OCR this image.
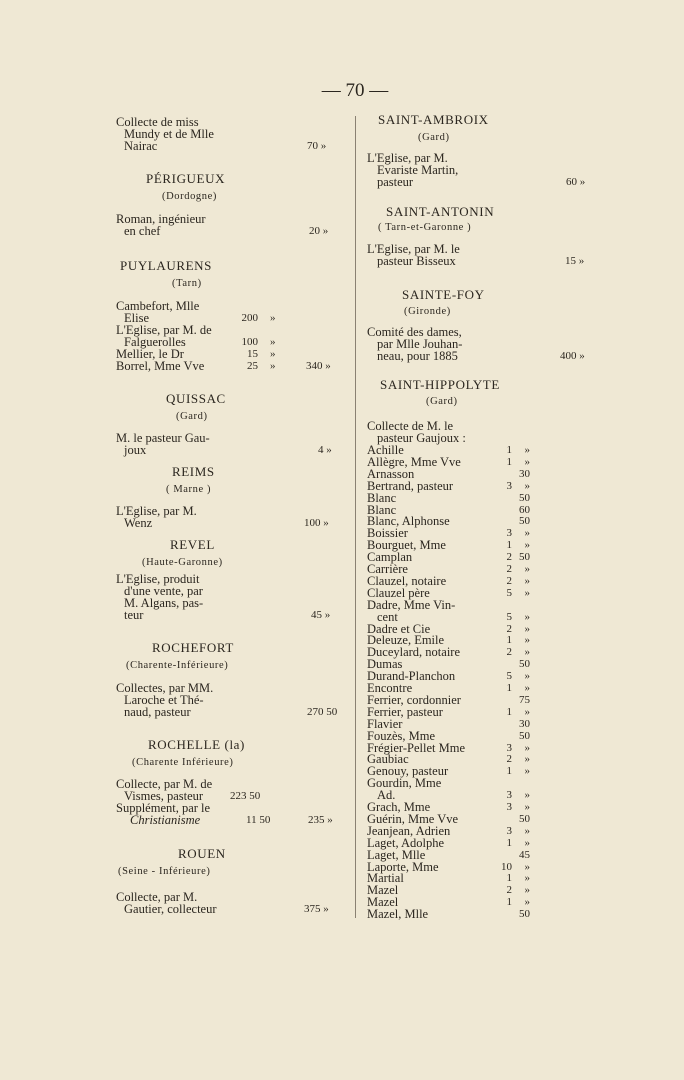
— 70 —
Collecte de miss
Mundy et de Mlle
Nairac	70 »
PÉRIGUEUX
(Dordogne)
Roman, ingénieur
en chef	20 »
PUYLAURENS
(Tarn)
Cambefort, Mlle
Elise	200 »
L'Eglise, par M. de
Falguerolles	100 »
Mellier, le Dr	15 »
Borrel, Mme Vve	25 »	340 »
QUISSAC
(Gard)
M. le pasteur Gau-
joux	4 »
REIMS
( Marne )
L'Eglise, par M.
Wenz	100 »
REVEL
(Haute-Garonne)
L'Eglise, produit
d'une vente, par
M. Algans, pas-
teur	45 »
ROCHEFORT
(Charente-Inférieure)
Collectes, par MM.
Laroche et Thé-
naud, pasteur	270 50
ROCHELLE (la)
(Charente Inférieure)
Collecte, par M. de
Vismes, pasteur 223 50
Supplément, par le
Christianisme	11 50	235 »
ROUEN
(Seine - Inférieure)
Collecte, par M.
Gautier, collecteur	375 »
SAINT-AMBROIX
(Gard)
L'Eglise, par M.
Evariste Martin,
pasteur	60 »
SAINT-ANTONIN
( Tarn-et-Garonne )
L'Eglise, par M. le
pasteur Bisseux	15 »
SAINTE-FOY
(Gironde)
Comité des dames,
par Mlle Jouhan-
neau, pour 1885	400 »
SAINT-HIPPOLYTE
(Gard)
Collecte de M. le
pasteur Gaujoux :
Achille	1	»
Allègre, Mme Vve	1	»
Arnasson	30
Bertrand, pasteur	3	»
Blanc	50
Blanc	60
Blanc, Alphonse	50
Boissier	3	»
Bourguet, Mme	1	»
Camplan	2 50
Carrière	2	»
Clauzel, notaire	2	»
Clauzel père	5	»
Dadre, Mme Vin-
cent	5	»
Dadre et Cie	2	»
Deleuze, Emile	1	»
Duceylard, notaire	2	»
Dumas	50
Durand-Planchon	5	»
Encontre	1	»
Ferrier, cordonnier	75
Ferrier, pasteur	1	»
Flavier	30
Fouzès, Mme	50
Frégier-Pellet Mme	3	»
Gaubiac	2	»
Genouy, pasteur	1	»
Gourdin, Mme
Ad.	3	»
Grach, Mme	3	»
Guérin, Mme Vve	50
Jeanjean, Adrien	3	»
Laget, Adolphe	1	»
Laget, Mlle	45
Laporte, Mme	10	»
Martial	1	»
Mazel	2	»
Mazel	1	»
Mazel, Mlle	50
